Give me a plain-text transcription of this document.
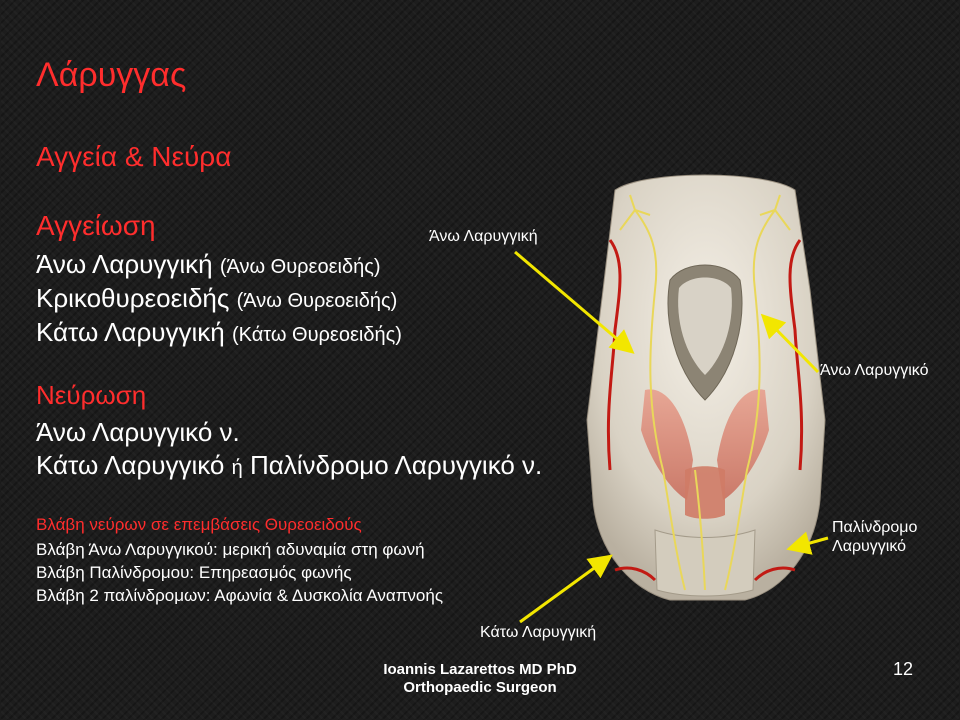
Λάρυγγας
Αγγεία & Νεύρα
Αγγείωση
Άνω Λαρυγγική (Άνω Θυρεοειδής)
Κρικοθυρεοειδής (Άνω Θυρεοειδής)
Κάτω Λαρυγγική (Κάτω Θυρεοειδής)
Νεύρωση
Άνω Λαρυγγικό ν.
Κάτω Λαρυγγικό ή Παλίνδρομο Λαρυγγικό ν.
Βλάβη νεύρων σε επεμβάσεις Θυρεοειδούς
Βλάβη Άνω Λαρυγγικού: μερική αδυναμία στη φωνή
Βλάβη Παλίνδρομου: Επηρεασμός φωνής
Βλάβη 2 παλίνδρομων: Αφωνία & Δυσκολία Αναπνοής
Άνω Λαρυγγική
Άνω Λαρυγγικό
Παλίνδρομο
Λαρυγγικό
Κάτω Λαρυγγική
Ioannis Lazarettos MD PhD
Orthopaedic Surgeon
12
